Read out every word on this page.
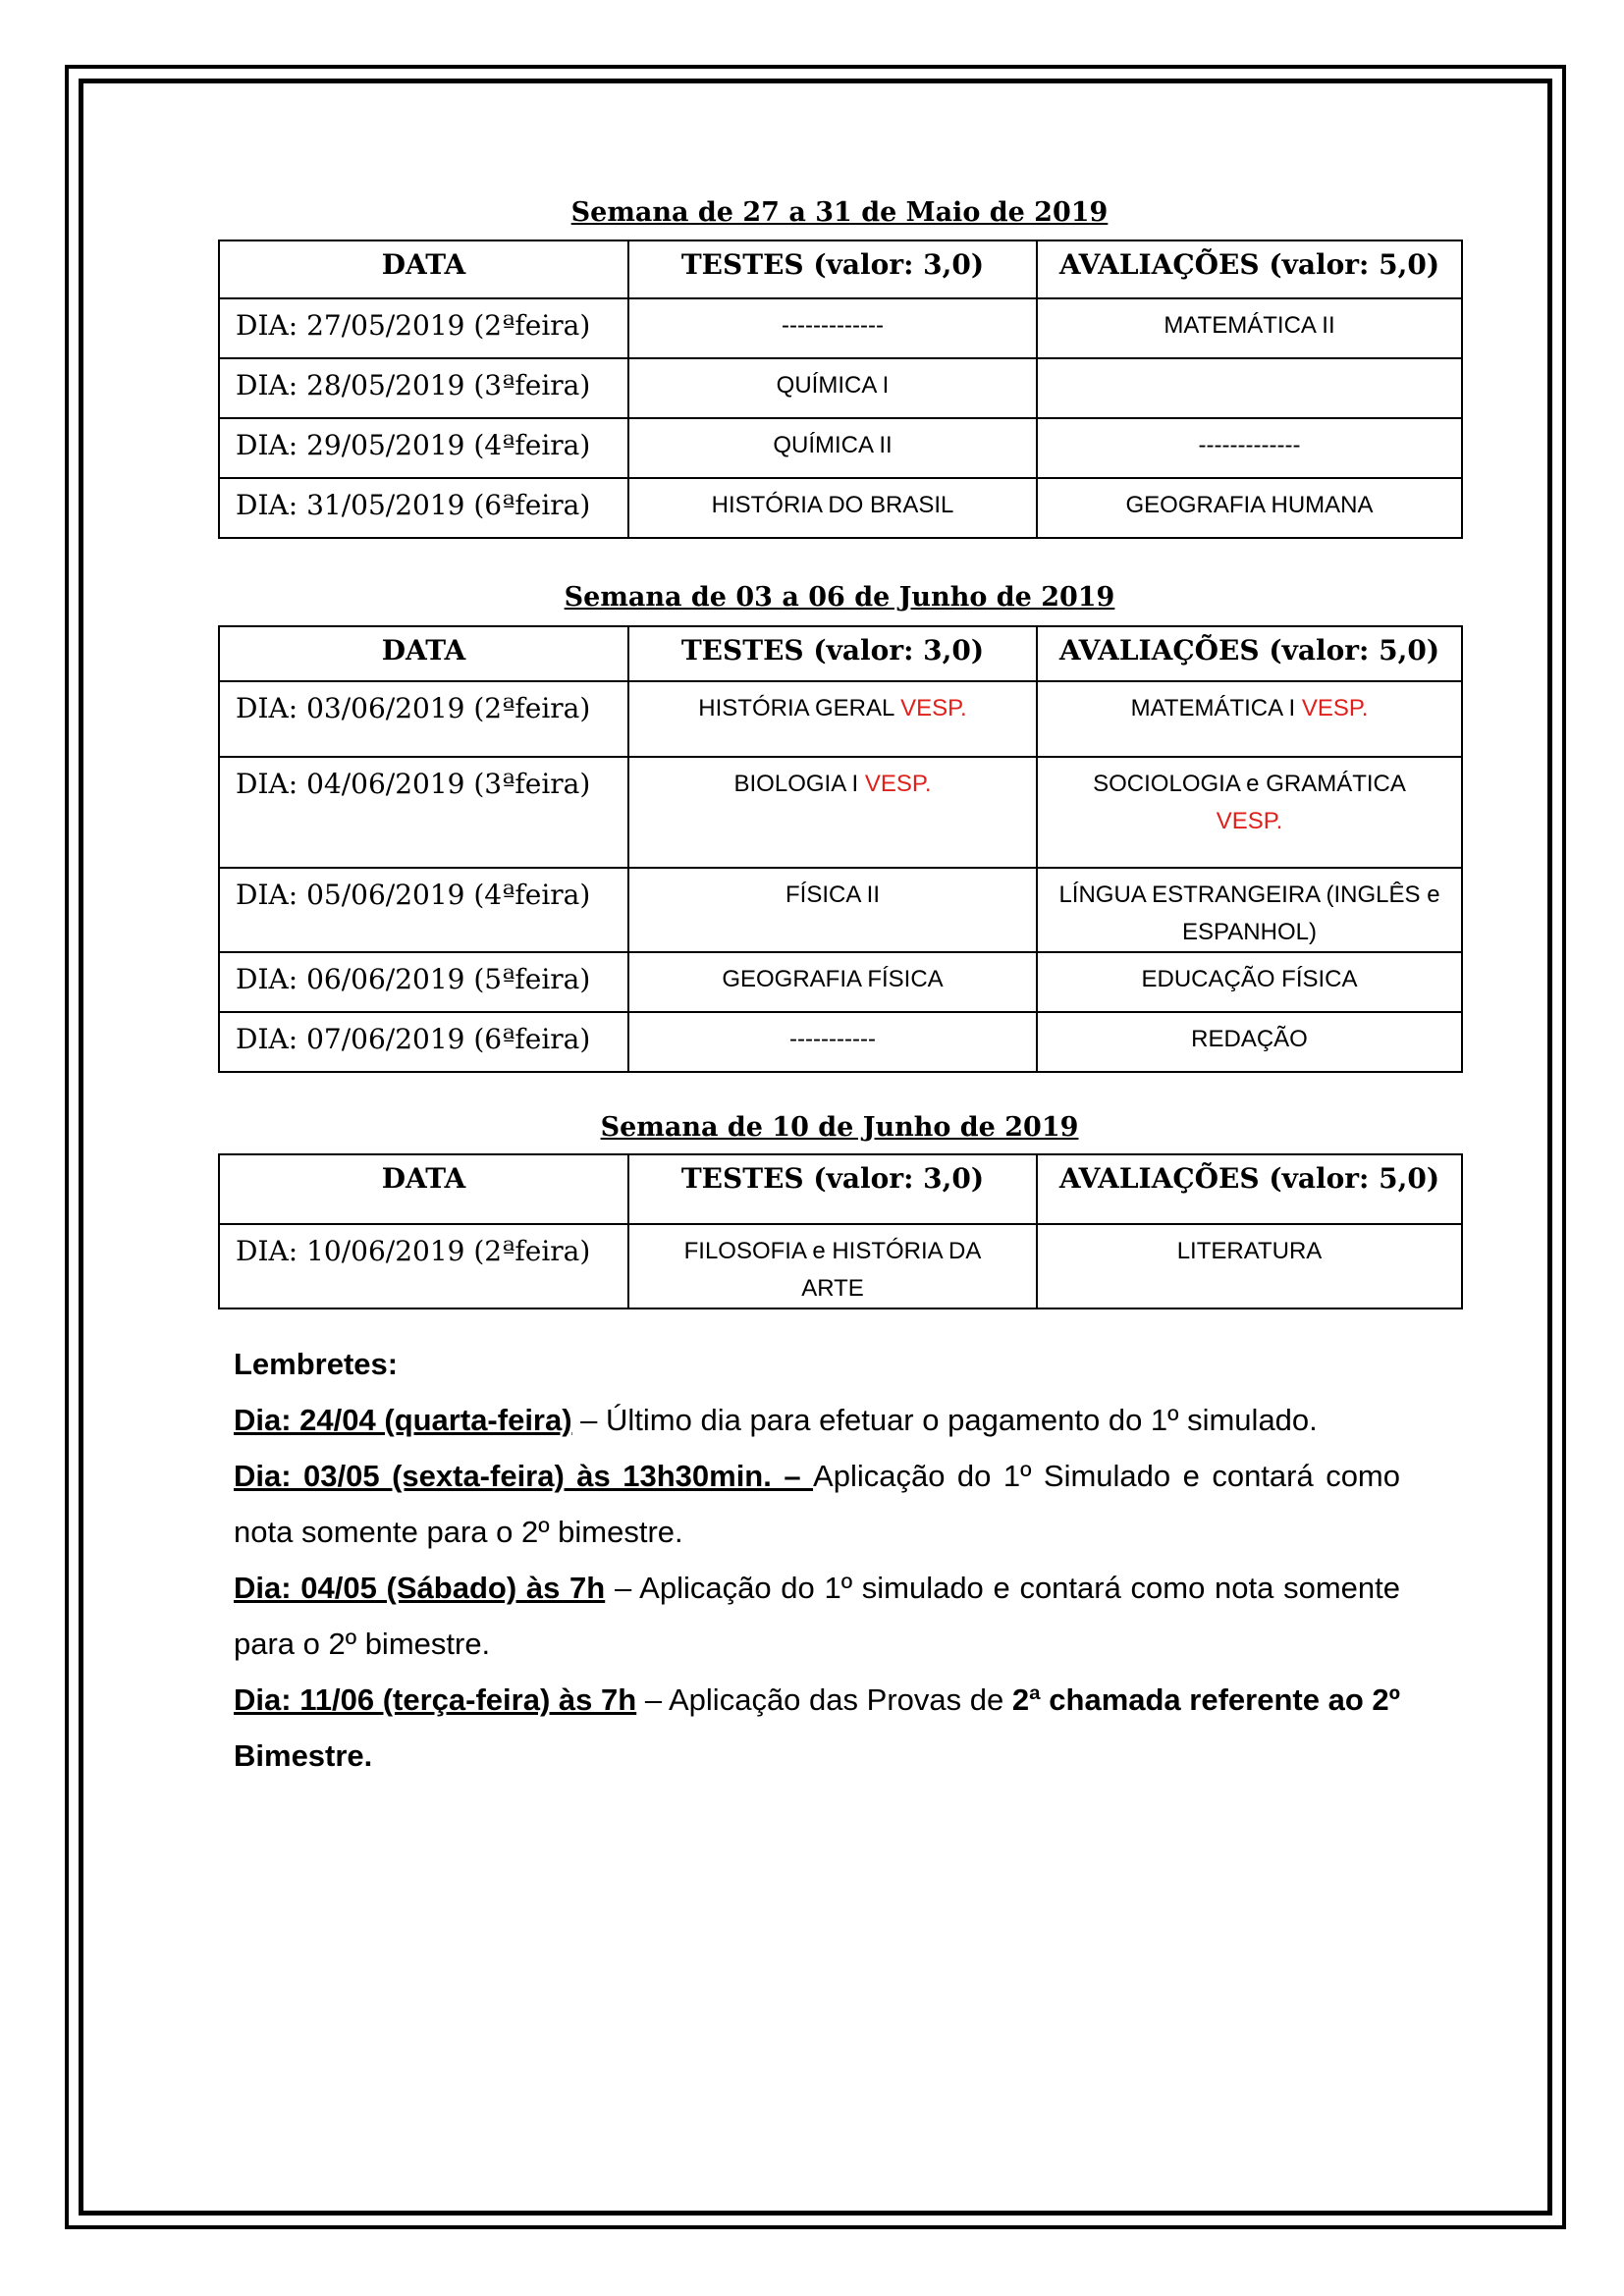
Semana de 27 a 31 de Maio de 2019
DATA	TESTES (valor: 3,0)	AVALIAÇÕES (valor: 5,0)
DIA: 27/05/2019 (2ªfeira)	-------------	MATEMÁTICA II
DIA: 28/05/2019 (3ªfeira)	QUÍMICA I	
DIA: 29/05/2019 (4ªfeira)	QUÍMICA II	-------------
DIA: 31/05/2019 (6ªfeira)	HISTÓRIA DO BRASIL	GEOGRAFIA HUMANA
Semana de 03 a 06 de Junho de 2019
DATA	TESTES (valor: 3,0)	AVALIAÇÕES (valor: 5,0)
DIA: 03/06/2019 (2ªfeira)	HISTÓRIA GERAL VESP.	MATEMÁTICA I VESP.
DIA: 04/06/2019 (3ªfeira)	BIOLOGIA I VESP.	SOCIOLOGIA e GRAMÁTICA VESP.
DIA: 05/06/2019 (4ªfeira)	FÍSICA II	LÍNGUA ESTRANGEIRA (INGLÊS e ESPANHOL)
DIA: 06/06/2019 (5ªfeira)	GEOGRAFIA FÍSICA	EDUCAÇÃO FÍSICA
DIA: 07/06/2019 (6ªfeira)	-----------	REDAÇÃO
Semana de 10 de Junho de 2019
DATA	TESTES (valor: 3,0)	AVALIAÇÕES (valor: 5,0)
DIA: 10/06/2019 (2ªfeira)	FILOSOFIA e HISTÓRIA DA ARTE	LITERATURA

Lembretes:

Dia: 24/04 (quarta-feira) – Último dia para efetuar o pagamento do 1º simulado.

Dia: 03/05 (sexta-feira) às 13h30min. – Aplicação do 1º Simulado e contará como nota somente para o 2º bimestre.

Dia: 04/05 (Sábado) às 7h – Aplicação do 1º simulado e contará como nota somente para o 2º bimestre.

Dia: 11/06 (terça-feira) às 7h – Aplicação das Provas de 2ª chamada referente ao 2º Bimestre.
